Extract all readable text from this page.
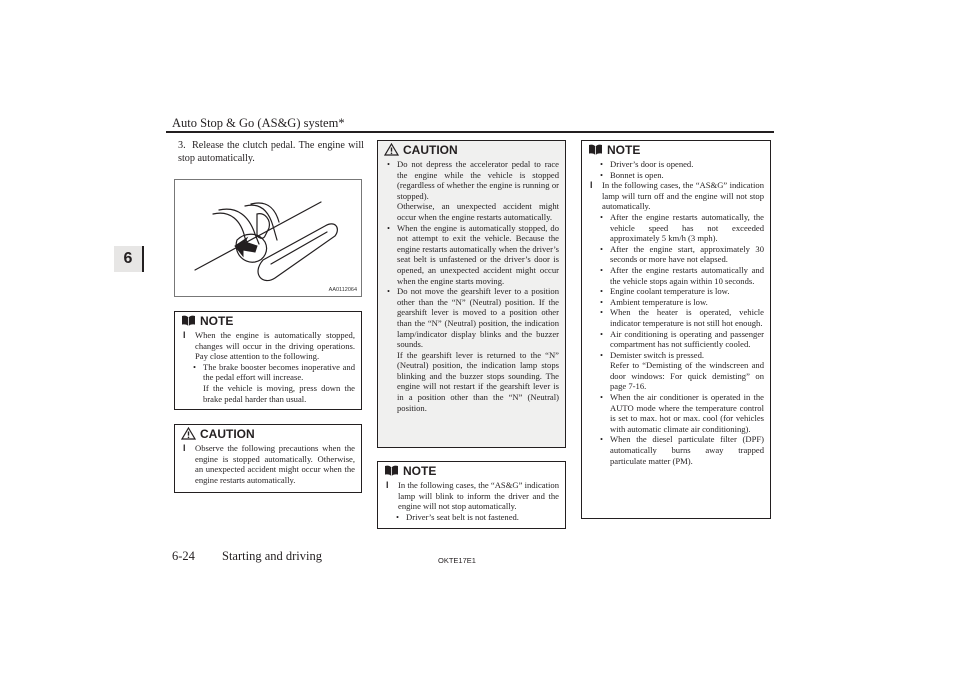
Auto Stop & Go (AS&G) system*
6
3. Release the clutch pedal. The engine will stop automatically.
AA0112064
NOTE
l When the engine is automatically stopped, changes will occur in the driving operations. Pay close attention to the following.
• The brake booster becomes inoperative and the pedal effort will increase.
If the vehicle is moving, press down the brake pedal harder than usual.
CAUTION
l Observe the following precautions when the engine is stopped automatically. Otherwise, an unexpected accident might occur when the engine restarts automatically.
CAUTION
• Do not depress the accelerator pedal to race the engine while the vehicle is stopped (regardless of whether the engine is running or stopped).
Otherwise, an unexpected accident might occur when the engine restarts automatically.
• When the engine is automatically stopped, do not attempt to exit the vehicle. Because the engine restarts automatically when the driver’s seat belt is unfastened or the driver’s door is opened, an unexpected accident might occur when the engine starts moving.
• Do not move the gearshift lever to a position other than the “N” (Neutral) position. If the gearshift lever is moved to a position other than the “N” (Neutral) position, the indication lamp/indicator display blinks and the buzzer sounds.
If the gearshift lever is returned to the “N” (Neutral) position, the indication lamp stops blinking and the buzzer stops sounding. The engine will not restart if the gearshift lever is in a position other than the “N” (Neutral) position.
NOTE
l In the following cases, the “AS&G” indication lamp will blink to inform the driver and the engine will not stop automatically.
• Driver’s seat belt is not fastened.
NOTE
• Driver’s door is opened.
• Bonnet is open.
l In the following cases, the “AS&G” indication lamp will turn off and the engine will not stop automatically.
• After the engine restarts automatically, the vehicle speed has not exceeded approximately 5 km/h (3 mph).
• After the engine start, approximately 30 seconds or more have not elapsed.
• After the engine restarts automatically and the vehicle stops again within 10 seconds.
• Engine coolant temperature is low.
• Ambient temperature is low.
• When the heater is operated, vehicle indicator temperature is not still hot enough.
• Air conditioning is operating and passenger compartment has not sufficiently cooled.
• Demister switch is pressed.
Refer to “Demisting of the windscreen and door windows: For quick demisting” on page 7-16.
• When the air conditioner is operated in the AUTO mode where the temperature control is set to max. hot or max. cool (for vehicles with automatic climate air conditioning).
• When the diesel particulate filter (DPF) automatically burns away trapped particulate matter (PM).
6-24 Starting and driving	OKTE17E1
